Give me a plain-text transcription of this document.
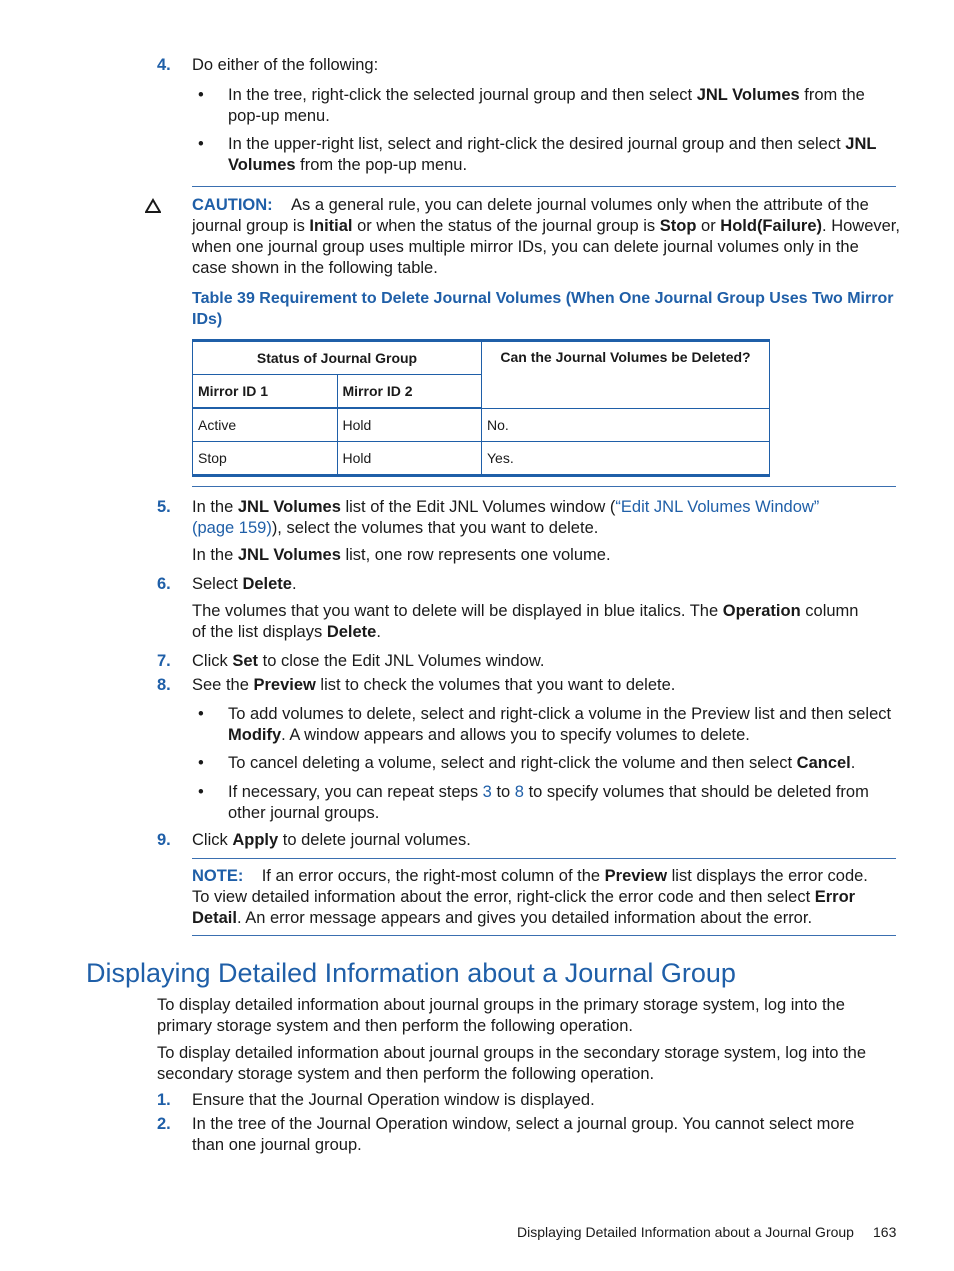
4. Do either of the following:
• In the tree, right-click the selected journal group and then select JNL Volumes from the
pop-up menu.
• In the upper-right list, select and right-click the desired journal group and then select JNL
Volumes from the pop-up menu.
CAUTION: As a general rule, you can delete journal volumes only when the attribute of the
journal group is Initial or when the status of the journal group is Stop or Hold(Failure). However,
when one journal group uses multiple mirror IDs, you can delete journal volumes only in the
case shown in the following table.
Table 39 Requirement to Delete Journal Volumes (When One Journal Group Uses Two Mirror
IDs)
Status of Journal Group		Can the Journal Volumes be Deleted?
Mirror ID 1	Mirror ID 2	
Active	Hold	No.
Stop	Hold	Yes.
5. In the JNL Volumes list of the Edit JNL Volumes window (“Edit JNL Volumes Window”
(page 159)), select the volumes that you want to delete.
In the JNL Volumes list, one row represents one volume.
6. Select Delete.
The volumes that you want to delete will be displayed in blue italics. The Operation column
of the list displays Delete.
7. Click Set to close the Edit JNL Volumes window.
8. See the Preview list to check the volumes that you want to delete.
• To add volumes to delete, select and right-click a volume in the Preview list and then select
Modify. A window appears and allows you to specify volumes to delete.
• To cancel deleting a volume, select and right-click the volume and then select Cancel.
• If necessary, you can repeat steps 3 to 8 to specify volumes that should be deleted from
other journal groups.
9. Click Apply to delete journal volumes.
NOTE: If an error occurs, the right-most column of the Preview list displays the error code.
To view detailed information about the error, right-click the error code and then select Error
Detail. An error message appears and gives you detailed information about the error.
Displaying Detailed Information about a Journal Group
To display detailed information about journal groups in the primary storage system, log into the
primary storage system and then perform the following operation.
To display detailed information about journal groups in the secondary storage system, log into the
secondary storage system and then perform the following operation.
1. Ensure that the Journal Operation window is displayed.
2. In the tree of the Journal Operation window, select a journal group. You cannot select more
than one journal group.
Displaying Detailed Information about a Journal Group 163
